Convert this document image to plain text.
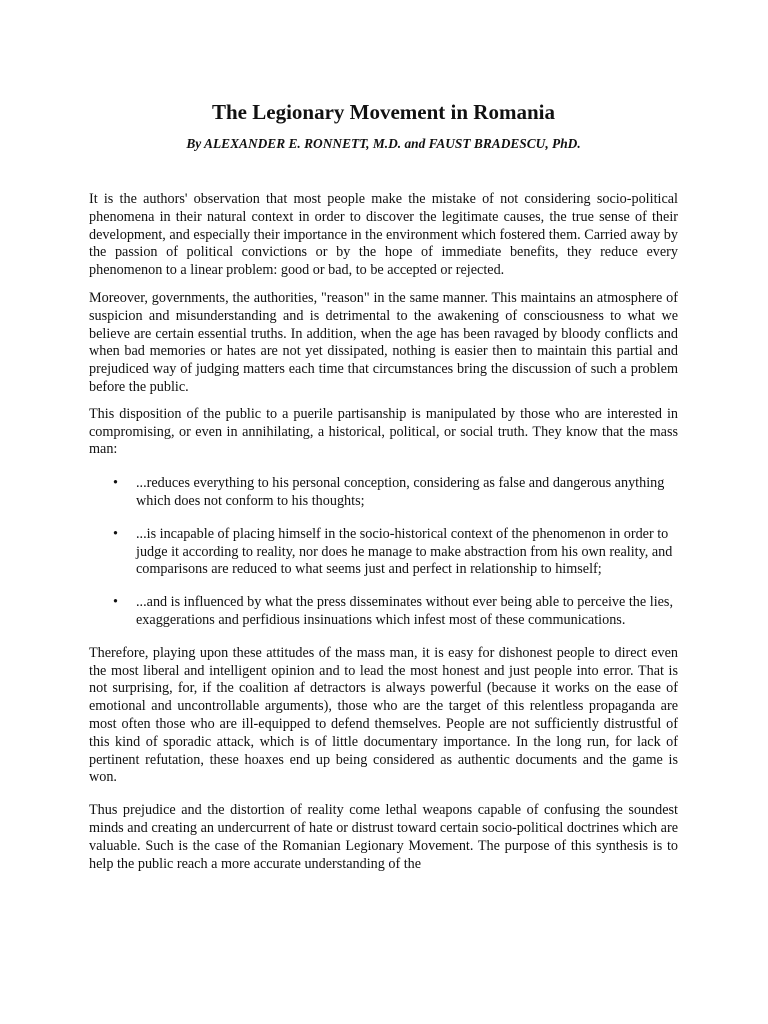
The Legionary Movement in Romania

By ALEXANDER E. RONNETT, M.D. and FAUST BRADESCU, PhD.

It is the authors' observation that most people make the mistake of not considering socio-political phenomena in their natural context in order to discover the legitimate causes, the true sense of their development, and especially their importance in the environment which fostered them. Carried away by the passion of political convictions or by the hope of immediate benefits, they reduce every phenomenon to a linear problem: good or bad, to be accepted or rejected.

Moreover, governments, the authorities, "reason" in the same manner. This maintains an atmosphere of suspicion and misunderstanding and is detrimental to the awakening of consciousness to what we believe are certain essential truths. In addition, when the age has been ravaged by bloody conflicts and when bad memories or hates are not yet dissipated, nothing is easier then to maintain this partial and prejudiced way of judging matters each time that circumstances bring the discussion of such a problem before the public.

This disposition of the public to a puerile partisanship is manipulated by those who are interested in compromising, or even in annihilating, a historical, political, or social truth. They know that the mass man:

• ...reduces everything to his personal conception, considering as false and dangerous anything which does not conform to his thoughts;
• ...is incapable of placing himself in the socio-historical context of the phenomenon in order to judge it according to reality, nor does he manage to make abstraction from his own reality, and comparisons are reduced to what seems just and perfect in relationship to himself;
• ...and is influenced by what the press disseminates without ever being able to perceive the lies, exaggerations and perfidious insinuations which infest most of these communications.

Therefore, playing upon these attitudes of the mass man, it is easy for dishonest people to direct even the most liberal and intelligent opinion and to lead the most honest and just people into error. That is not surprising, for, if the coalition af detractors is always powerful (because it works on the ease of emotional and uncontrollable arguments), those who are the target of this relentless propaganda are most often those who are ill-equipped to defend themselves. People are not sufficiently distrustful of this kind of sporadic attack, which is of little documentary importance. In the long run, for lack of pertinent refutation, these hoaxes end up being considered as authentic documents and the game is won.

Thus prejudice and the distortion of reality come lethal weapons capable of confusing the soundest minds and creating an undercurrent of hate or distrust toward certain socio-political doctrines which are valuable. Such is the case of the Romanian Legionary Movement. The purpose of this synthesis is to help the public reach a more accurate understanding of the
